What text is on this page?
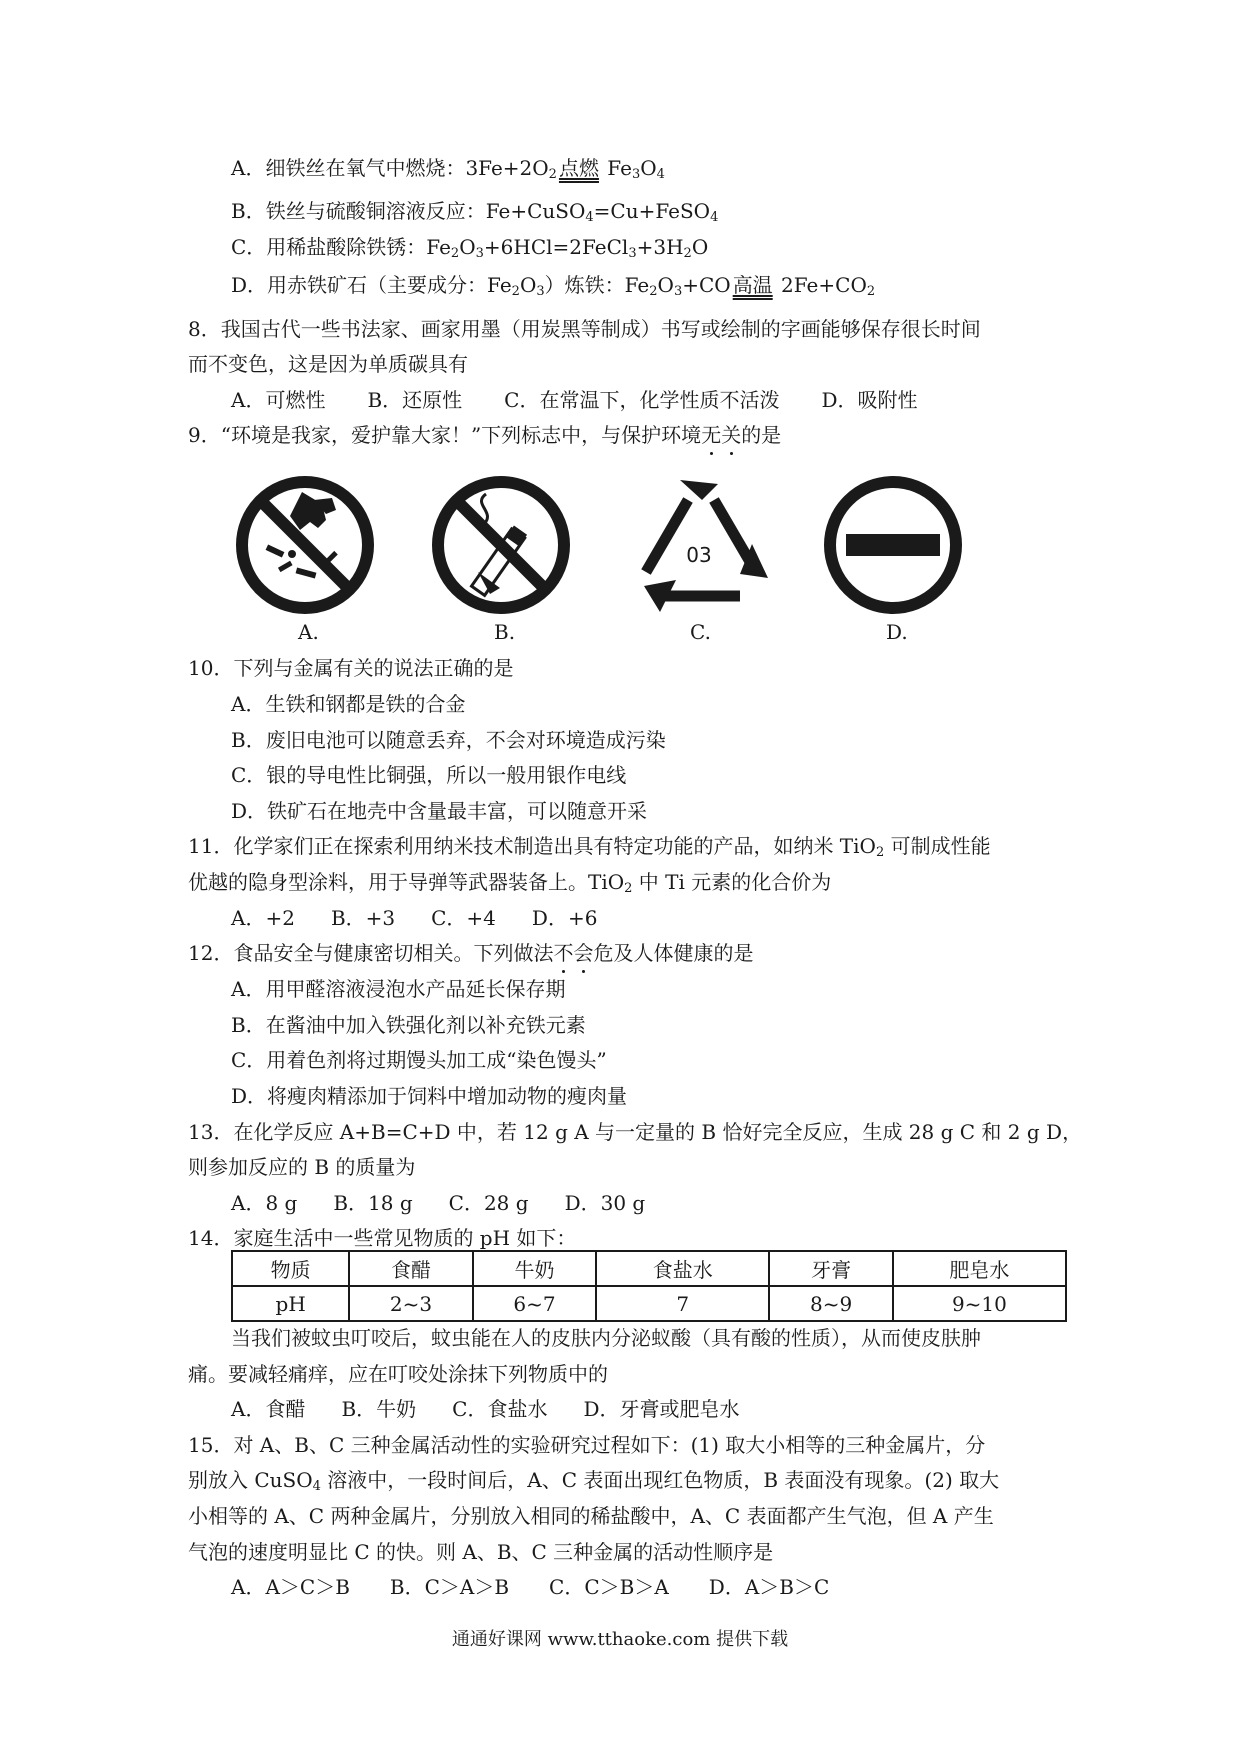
A．细铁丝在氧气中燃烧：$3Fe+2O_2$ 点燃 $Fe_3O_4$
B．铁丝与硫酸铜溶液反应：Fe+CuSO$_4$=Cu+FeSO$_4$
C．用稀盐酸除铁锈：$Fe_2O_3+6HCl=2FeCl_3+3H_2O$
D．用赤铁矿石（主要成分：$Fe_2O_3$）炼铁：$Fe_2O_3+CO$ 高温 $2Fe+CO_2$
8．我国古代一些书法家、画家用墨（用炭黑等制成）书写或绘制的字画能够保存很长时间
而不变色，这是因为单质碳具有
A．可燃性 B．还原性 C．在常温下，化学性质不活泼 D．吸附性
9．“环境是我家，爱护靠大家！”下列标志中，与保护环境无关的是
03
A.	B.	C.	D.
10．下列与金属有关的说法正确的是
A．生铁和钢都是铁的合金
B．废旧电池可以随意丢弃，不会对环境造成污染
C．银的导电性比铜强，所以一般用银作电线
D．铁矿石在地壳中含量最丰富，可以随意开采
11．化学家们正在探索利用纳米技术制造出具有特定功能的产品，如纳米 TiO$_2$ 可制成性能
优越的隐身型涂料，用于导弹等武器装备上。TiO$_2$ 中 Ti 元素的化合价为
A．+2 B．+3 C．+4 D．+6
12．食品安全与健康密切相关。下列做法不会危及人体健康的是
A．用甲醛溶液浸泡水产品延长保存期
B．在酱油中加入铁强化剂以补充铁元素
C．用着色剂将过期馒头加工成“染色馒头”
D．将瘦肉精添加于饲料中增加动物的瘦肉量
13．在化学反应 A+B=C+D 中，若 12 g A 与一定量的 B 恰好完全反应，生成 28 g C 和 2 g D，
则参加反应的 B 的质量为
A．8 g B．18 g C．28 g D．30 g
14．家庭生活中一些常见物质的 pH 如下：
物质	食醋	牛奶	食盐水	牙膏	肥皂水
pH	2~3	6~7	7	8~9	9~10
当我们被蚊虫叮咬后，蚊虫能在人的皮肤内分泌蚁酸（具有酸的性质），从而使皮肤肿
痛。要减轻痛痒，应在叮咬处涂抹下列物质中的
A．食醋 B．牛奶 C．食盐水 D．牙膏或肥皂水
15．对 A、B、C 三种金属活动性的实验研究过程如下：(1) 取大小相等的三种金属片，分
别放入 CuSO$_4$ 溶液中，一段时间后，A、C 表面出现红色物质，B 表面没有现象。(2) 取大
小相等的 A、C 两种金属片，分别放入相同的稀盐酸中，A、C 表面都产生气泡，但 A 产生
气泡的速度明显比 C 的快。则 A、B、C 三种金属的活动性顺序是
A．A＞C＞B B．C＞A＞B C．C＞B＞A D．A＞B＞C
通通好课网 www.tthaoke.com 提供下载
